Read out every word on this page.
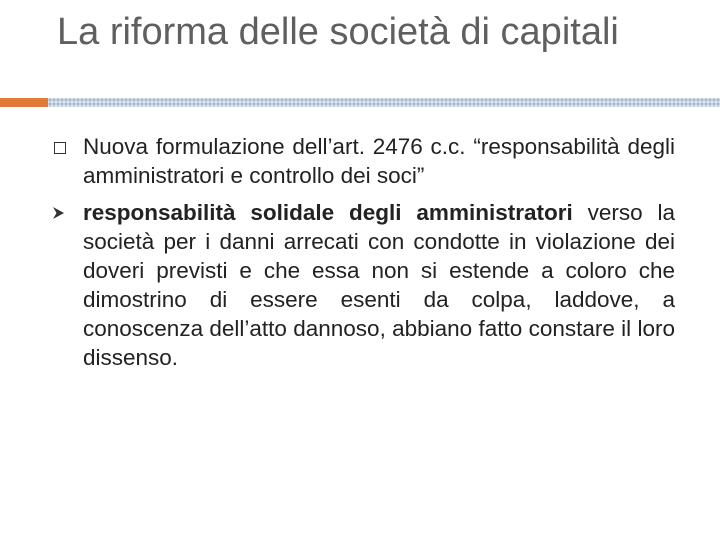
La riforma delle società di capitali

Nuova formulazione dell’art. 2476 c.c. “responsabilità degli amministratori e controllo dei soci”

responsabilità solidale degli amministratori verso la società per i danni arrecati con condotte in violazione dei doveri previsti e che essa non si estende a coloro che dimostrino di essere esenti da colpa, laddove, a conoscenza dell’atto dannoso, abbiano fatto constare il loro dissenso.
